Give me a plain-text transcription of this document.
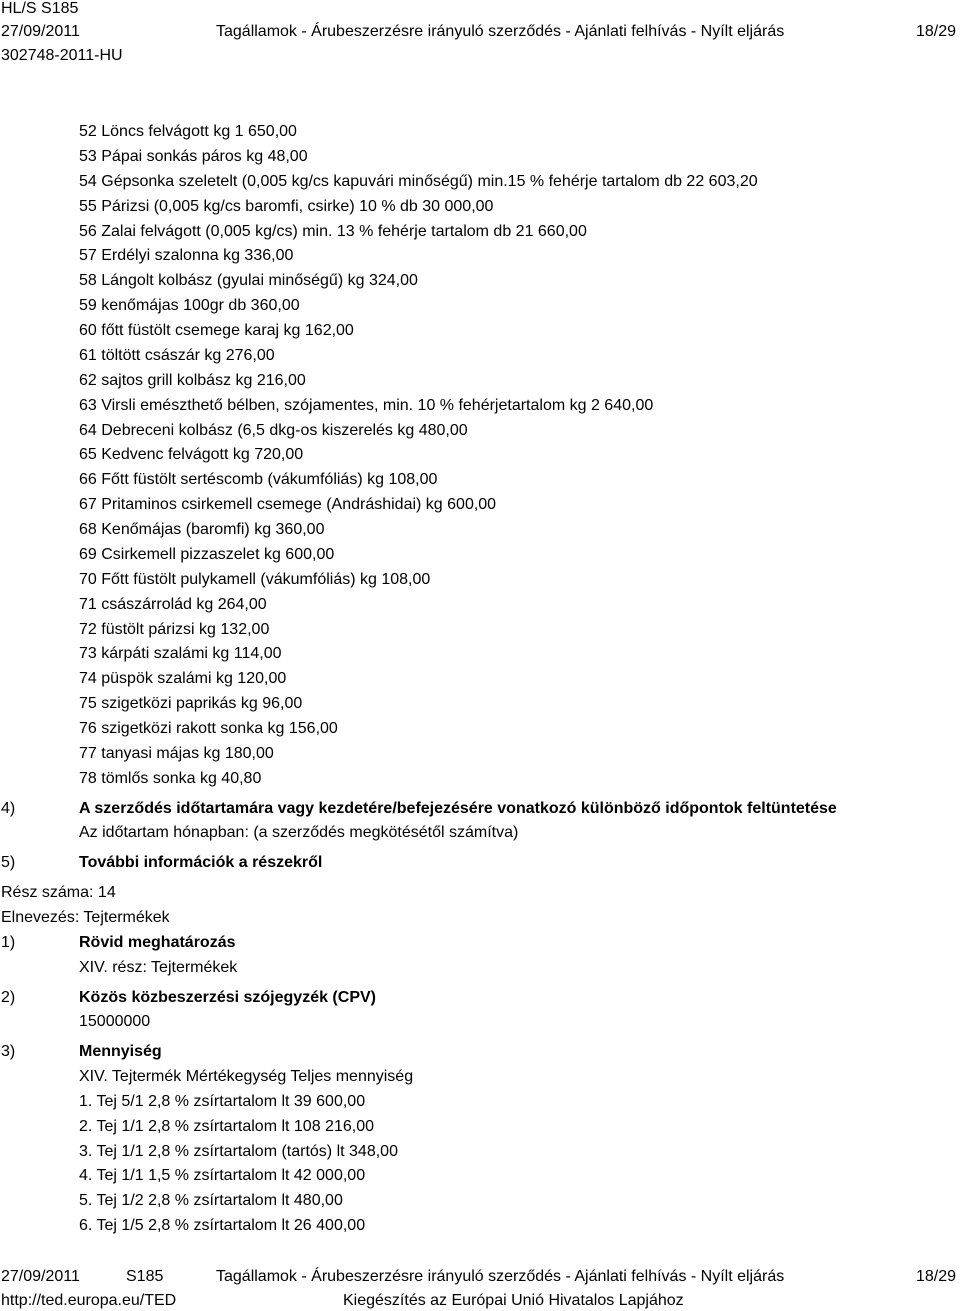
HL/S S185
27/09/2011	Tagállamok - Árubeszerzésre irányuló szerződés - Ajánlati felhívás - Nyílt eljárás	18/29
302748-2011-HU
52 Löncs felvágott kg 1 650,00
53 Pápai sonkás páros kg 48,00
54 Gépsonka szeletelt (0,005 kg/cs kapuvári minőségű) min.15 % fehérje tartalom db 22 603,20
55 Párizsi (0,005 kg/cs baromfi, csirke) 10 % db 30 000,00
56 Zalai felvágott (0,005 kg/cs) min. 13 % fehérje tartalom db 21 660,00
57 Erdélyi szalonna kg 336,00
58 Lángolt kolbász (gyulai minőségű) kg 324,00
59 kenőmájas 100gr db 360,00
60 főtt füstölt csemege karaj kg 162,00
61 töltött császár kg 276,00
62 sajtos grill kolbász kg 216,00
63 Virsli emészthető bélben, szójamentes, min. 10 % fehérjetartalom kg 2 640,00
64 Debreceni kolbász (6,5 dkg-os kiszerelés kg 480,00
65 Kedvenc felvágott kg 720,00
66 Főtt füstölt sertéscomb (vákumfóliás) kg 108,00
67 Pritaminos csirkemell csemege (Andráshidai) kg 600,00
68 Kenőmájas (baromfi) kg 360,00
69 Csirkemell pizzaszelet kg 600,00
70 Főtt füstölt pulykamell (vákumfóliás) kg 108,00
71 császárrolád kg 264,00
72 füstölt párizsi kg 132,00
73 kárpáti szalámi kg 114,00
74 püspök szalámi kg 120,00
75 szigetközi paprikás kg 96,00
76 szigetközi rakott sonka kg 156,00
77 tanyasi májas kg 180,00
78 tömlős sonka kg 40,80
4)	A szerződés időtartamára vagy kezdetére/befejezésére vonatkozó különböző időpontok feltüntetése
Az időtartam hónapban: (a szerződés megkötésétől számítva)
5)	További információk a részekről
Rész száma: 14
Elnevezés: Tejtermékek
1)	Rövid meghatározás
XIV. rész: Tejtermékek
2)	Közös közbeszerzési szójegyzék (CPV)
15000000
3)	Mennyiség
XIV. Tejtermék Mértékegység Teljes mennyiség
1. Tej 5/1 2,8 % zsírtartalom lt 39 600,00
2. Tej 1/1 2,8 % zsírtartalom lt 108 216,00
3. Tej 1/1 2,8 % zsírtartalom (tartós) lt 348,00
4. Tej 1/1 1,5 % zsírtartalom lt 42 000,00
5. Tej 1/2 2,8 % zsírtartalom lt 480,00
6. Tej 1/5 2,8 % zsírtartalom lt 26 400,00
27/09/2011	S185	Tagállamok - Árubeszerzésre irányuló szerződés - Ajánlati felhívás - Nyílt eljárás	18/29
http://ted.europa.eu/TED	Kiegészítés az Európai Unió Hivatalos Lapjához
